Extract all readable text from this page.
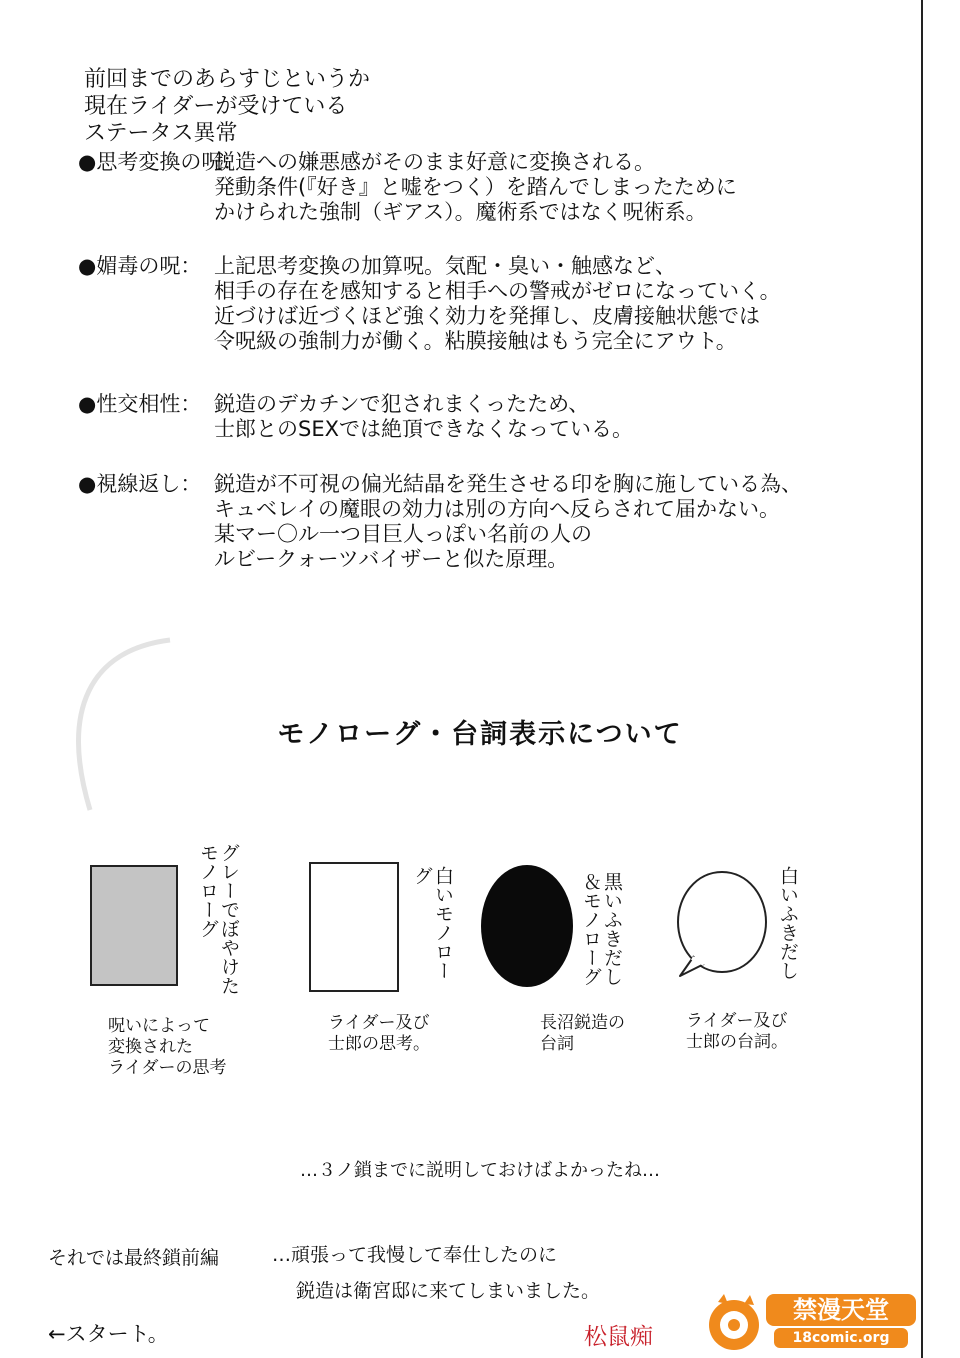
前回までのあらすじというか
現在ライダーが受けている
ステータス異常
●思考変換の呪：
鋭造への嫌悪感がそのまま好意に変換される。
発動条件(『好き』と嘘をつく）を踏んでしまったために
かけられた強制（ギアス）。魔術系ではなく呪術系。
●媚毒の呪： 上記思考変換の加算呪。気配・臭い・触感など、
相手の存在を感知すると相手への警戒がゼロになっていく。
近づけば近づくほど強く効力を発揮し、皮膚接触状態では
令呪級の強制力が働く。粘膜接触はもう完全にアウト。
●性交相性： 鋭造のデカチンで犯されまくったため、
士郎とのSEXでは絶頂できなくなっている。
●視線返し： 鋭造が不可視の偏光結晶を発生させる印を胸に施している為、
キュベレイの魔眼の効力は別の方向へ反らされて届かない。
某マー〇ル一つ目巨人っぽい名前の人の
ルビークォーツバイザーと似た原理。
モノローグ・台詞表示について
グレーでぼやけたモノローグ
呪いによって
変換された
ライダーの思考
白いモノローグ
ライダー及び
士郎の思考。
黒いふきだし＆モノローグ
長沼鋭造の
台詞
白いふきだし
ライダー及び
士郎の台詞。
…３ノ鎖までに説明しておけばよかったね…
それでは最終鎖前編	…頑張って我慢して奉仕したのに
鋭造は衛宮邸に来てしまいました。
←スタート。	松鼠痴
禁漫天堂
18comic.org
